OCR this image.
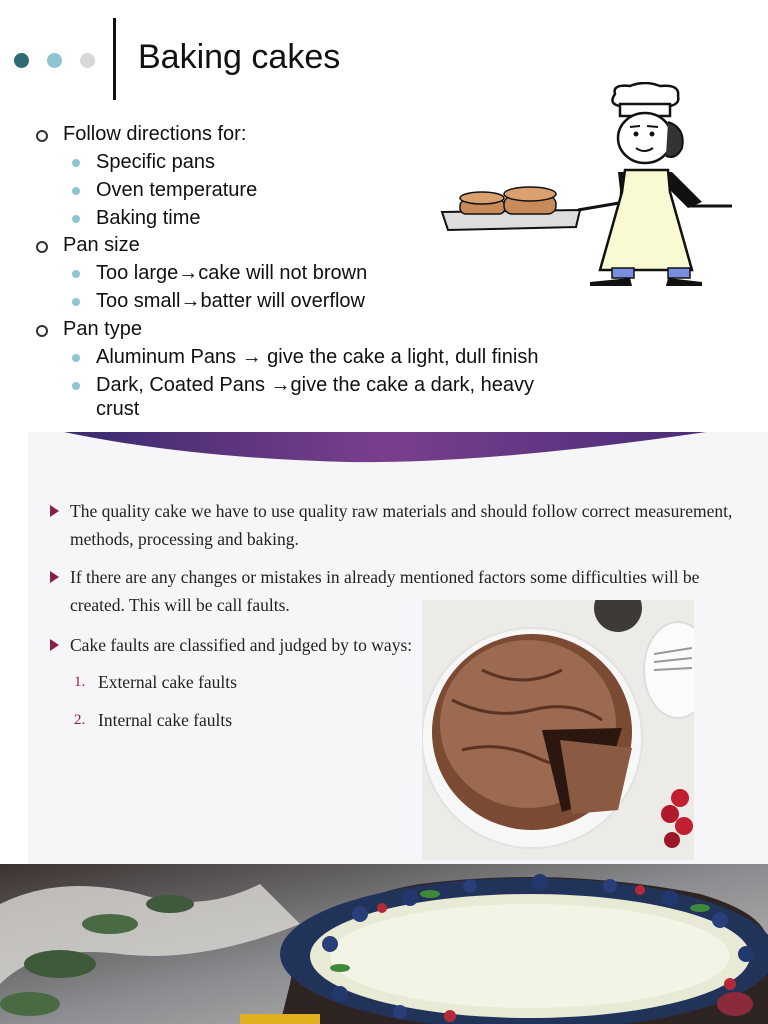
Baking cakes
Follow directions for:
Specific pans
Oven temperature
Baking time
Pan size
Too large→cake will not brown
Too small→batter will overflow
Pan type
Aluminum Pans → give the cake a light, dull finish
Dark, Coated Pans →give the cake a dark, heavy
crust
The quality cake we have to use quality raw materials and should follow correct measurement,
methods, processing and baking.
If there are any changes or mistakes in already mentioned factors some difficulties will be
created. This will be call faults.
Cake faults are classified and judged by to ways:
1. External cake faults
2. Internal cake faults
